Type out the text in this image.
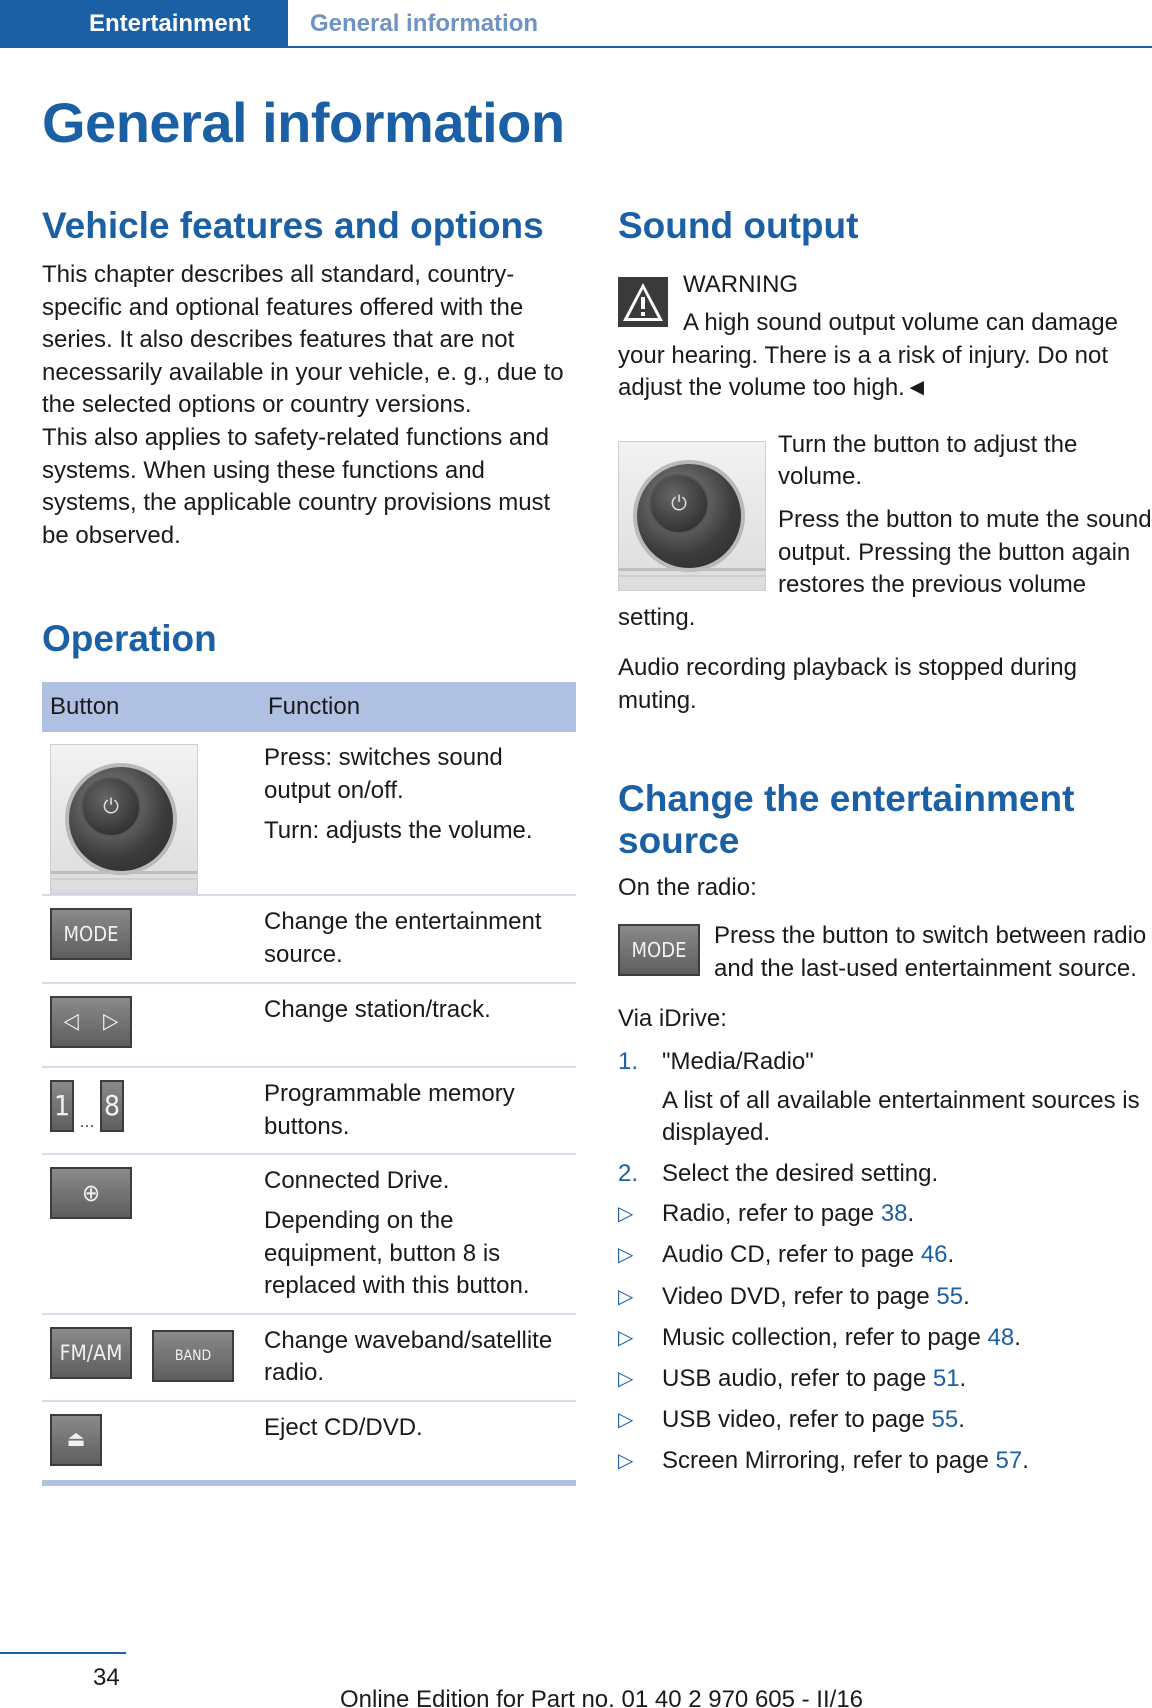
Entertainment	General information
General information
Vehicle features and options

This chapter describes all standard, country-specific and optional features offered with the series. It also describes features that are not necessarily available in your vehicle, e. g., due to the selected options or country versions.

This also applies to safety-related functions and systems. When using these functions and systems, the applicable country provisions must be observed.

Operation
Button	Function

⏻	Press: switches sound output on/off.
Turn: adjusts the volume.

MODE	Change the entertainment source.

◁ ▷	Change station/track.

1 ... 8	Programmable memory buttons.

⊕	Connected Drive.
Depending on the equipment, button 8 is replaced with this button.

FM/AM BAND	Change waveband/satellite radio.

⏏	Eject CD/DVD.
Sound output
WARNING

A high sound output volume can damage your hearing. There is a a risk of injury. Do not adjust the volume too high.◄

⏻

Turn the button to adjust the volume.

Press the button to mute the sound output. Pressing the button again restores the previous volume setting.

Audio recording playback is stopped during muting.

Change the entertainment source

On the radio:

MODE

Press the button to switch between radio and the last-used entertainment source.

Via iDrive:

1. "Media/Radio"
A list of all available entertainment sources is displayed.
2. Select the desired setting.
▷ Radio, refer to page 38.
▷ Audio CD, refer to page 46.
▷ Video DVD, refer to page 55.
▷ Music collection, refer to page 48.
▷ USB audio, refer to page 51.
▷ USB video, refer to page 55.
▷ Screen Mirroring, refer to page 57.
34
Online Edition for Part no. 01 40 2 970 605 - II/16
